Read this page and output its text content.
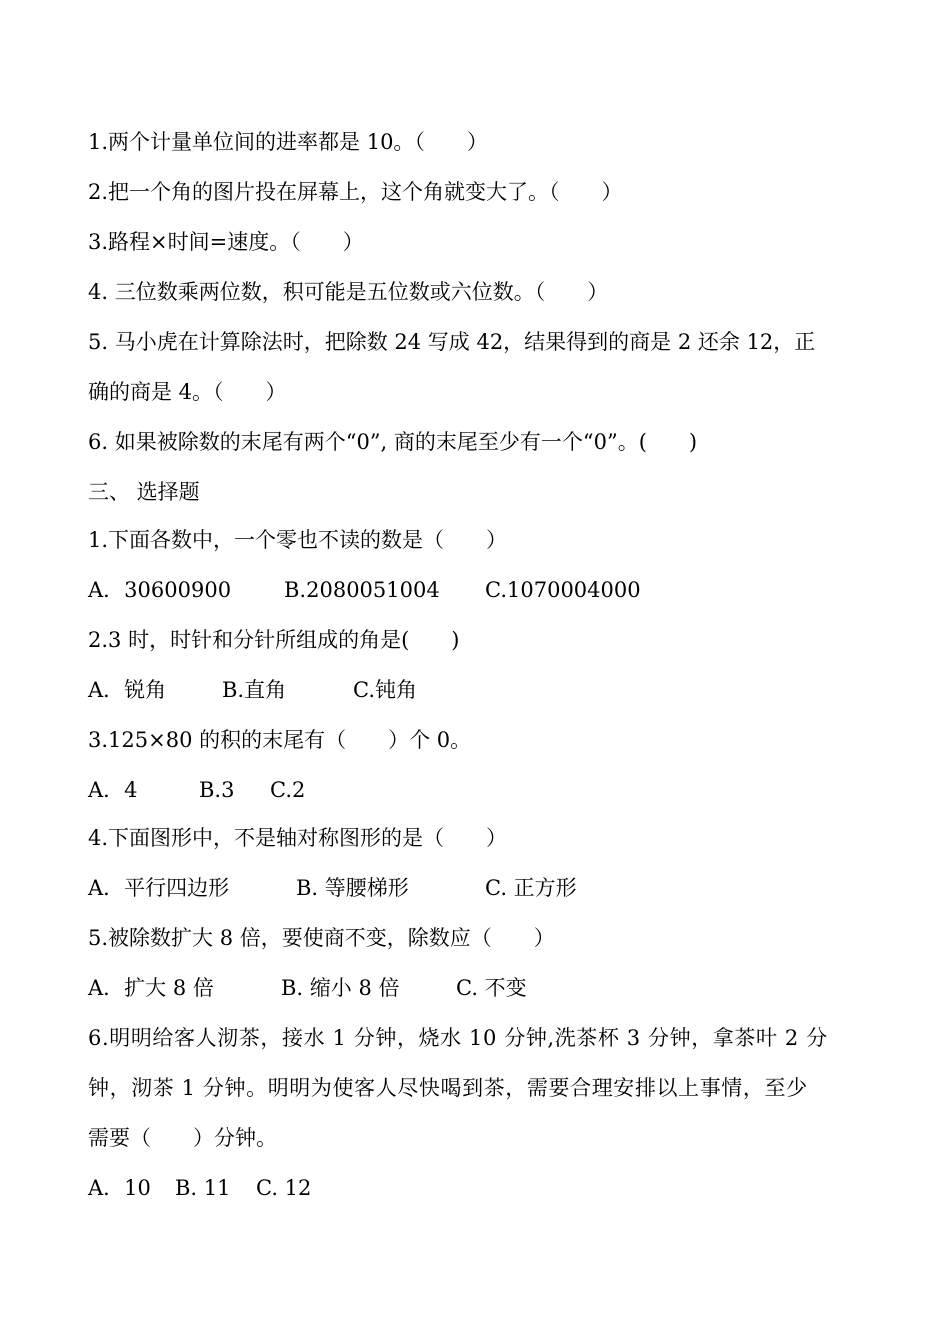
1.两个计量单位间的进率都是 10。（　　）
2.把一个角的图片投在屏幕上，这个角就变大了。（　　）
3.路程×时间=速度。（　　）
4. 三位数乘两位数，积可能是五位数或六位数。（　　）
5. 马小虎在计算除法时，把除数 24 写成 42，结果得到的商是 2 还余 12，正
确的商是 4。（　　）
6. 如果被除数的末尾有两个“0”, 商的末尾至少有一个“0”。(　　)
三、 选择题
1.下面各数中，一个零也不读的数是（　　）
A．30600900	B.2080051004	C.1070004000
2.3 时，时针和分针所组成的角是(　　)
A．锐角	B.直角	C.钝角
3.125×80 的积的末尾有（　　）个 0。
A．4	B.3	C.2
4.下面图形中，不是轴对称图形的是（　　）
A．平行四边形	B. 等腰梯形	C. 正方形
5.被除数扩大 8 倍，要使商不变，除数应（　　）
A．扩大 8 倍	B. 缩小 8 倍	C. 不变
6.明明给客人沏茶，接水 1 分钟，烧水 10 分钟,洗茶杯 3 分钟，拿茶叶 2 分
钟，沏茶 1 分钟。明明为使客人尽快喝到茶，需要合理安排以上事情，至少
需要（　　）分钟。
A．10	B. 11	C. 12
